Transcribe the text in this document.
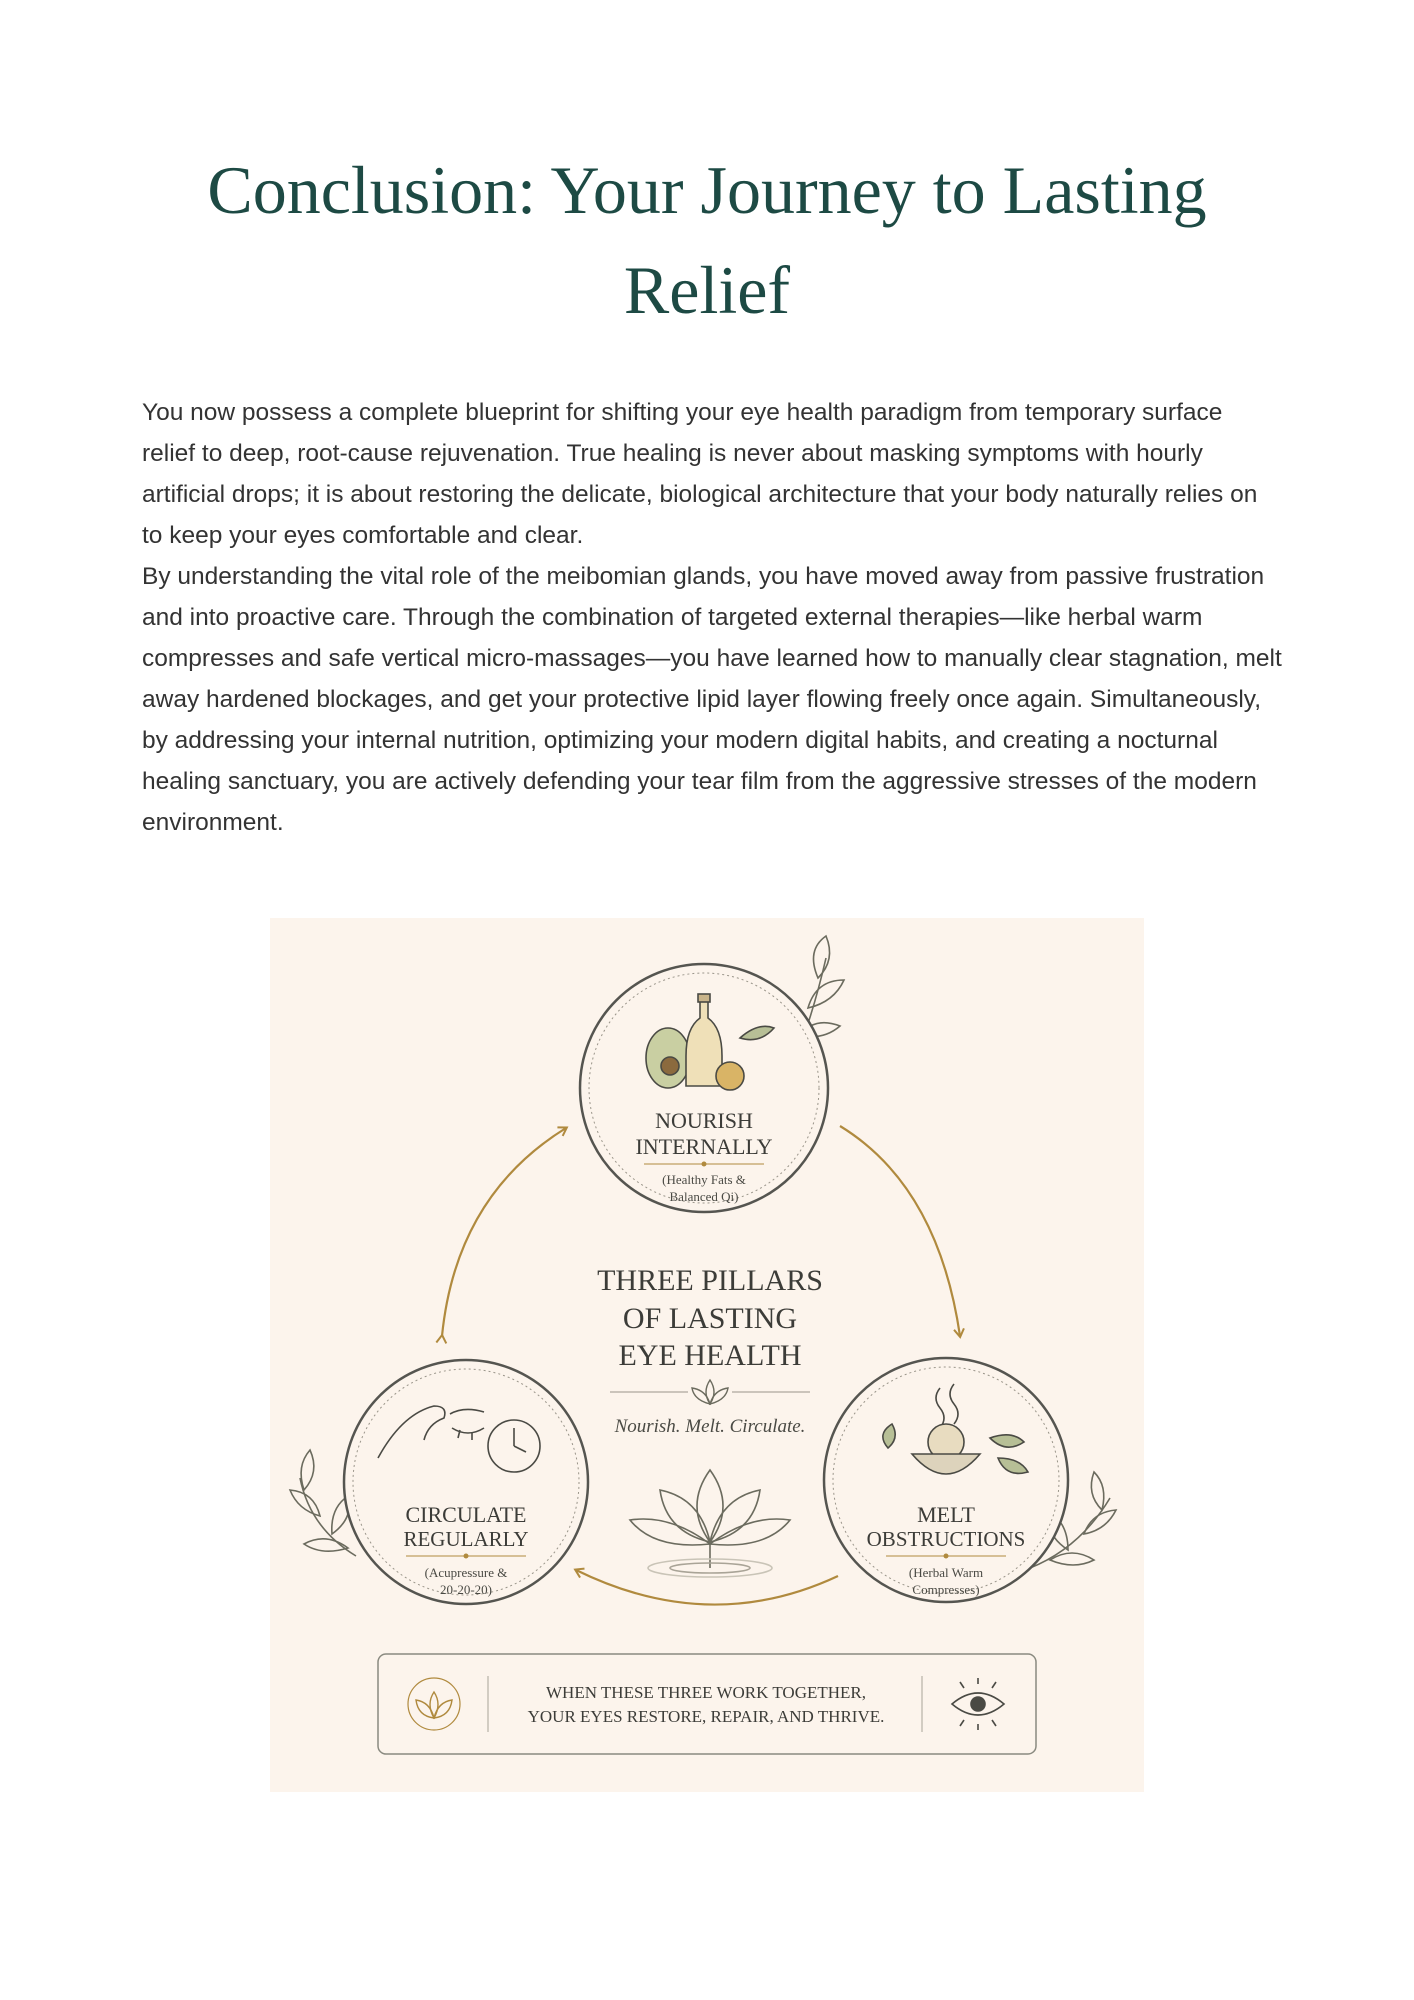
Conclusion: Your Journey to Lasting Relief

You now possess a complete blueprint for shifting your eye health paradigm from temporary surface relief to deep, root-cause rejuvenation. True healing is never about masking symptoms with hourly artificial drops; it is about restoring the delicate, biological architecture that your body naturally relies on to keep your eyes comfortable and clear.

By understanding the vital role of the meibomian glands, you have moved away from passive frustration and into proactive care. Through the combination of targeted external therapies—like herbal warm compresses and safe vertical micro-massages—you have learned how to manually clear stagnation, melt away hardened blockages, and get your protective lipid layer flowing freely once again. Simultaneously, by addressing your internal nutrition, optimizing your modern digital habits, and creating a nocturnal healing sanctuary, you are actively defending your tear film from the aggressive stresses of the modern environment.

NOURISH
INTERNALLY
(Healthy Fats &
Balanced Qi)
MELT
OBSTRUCTIONS
(Herbal Warm
Compresses)
CIRCULATE
REGULARLY
(Acupressure &
20-20-20)
THREE PILLARS
OF LASTING
EYE HEALTH
Nourish. Melt. Circulate.
WHEN THESE THREE WORK TOGETHER,
YOUR EYES RESTORE, REPAIR, AND THRIVE.
